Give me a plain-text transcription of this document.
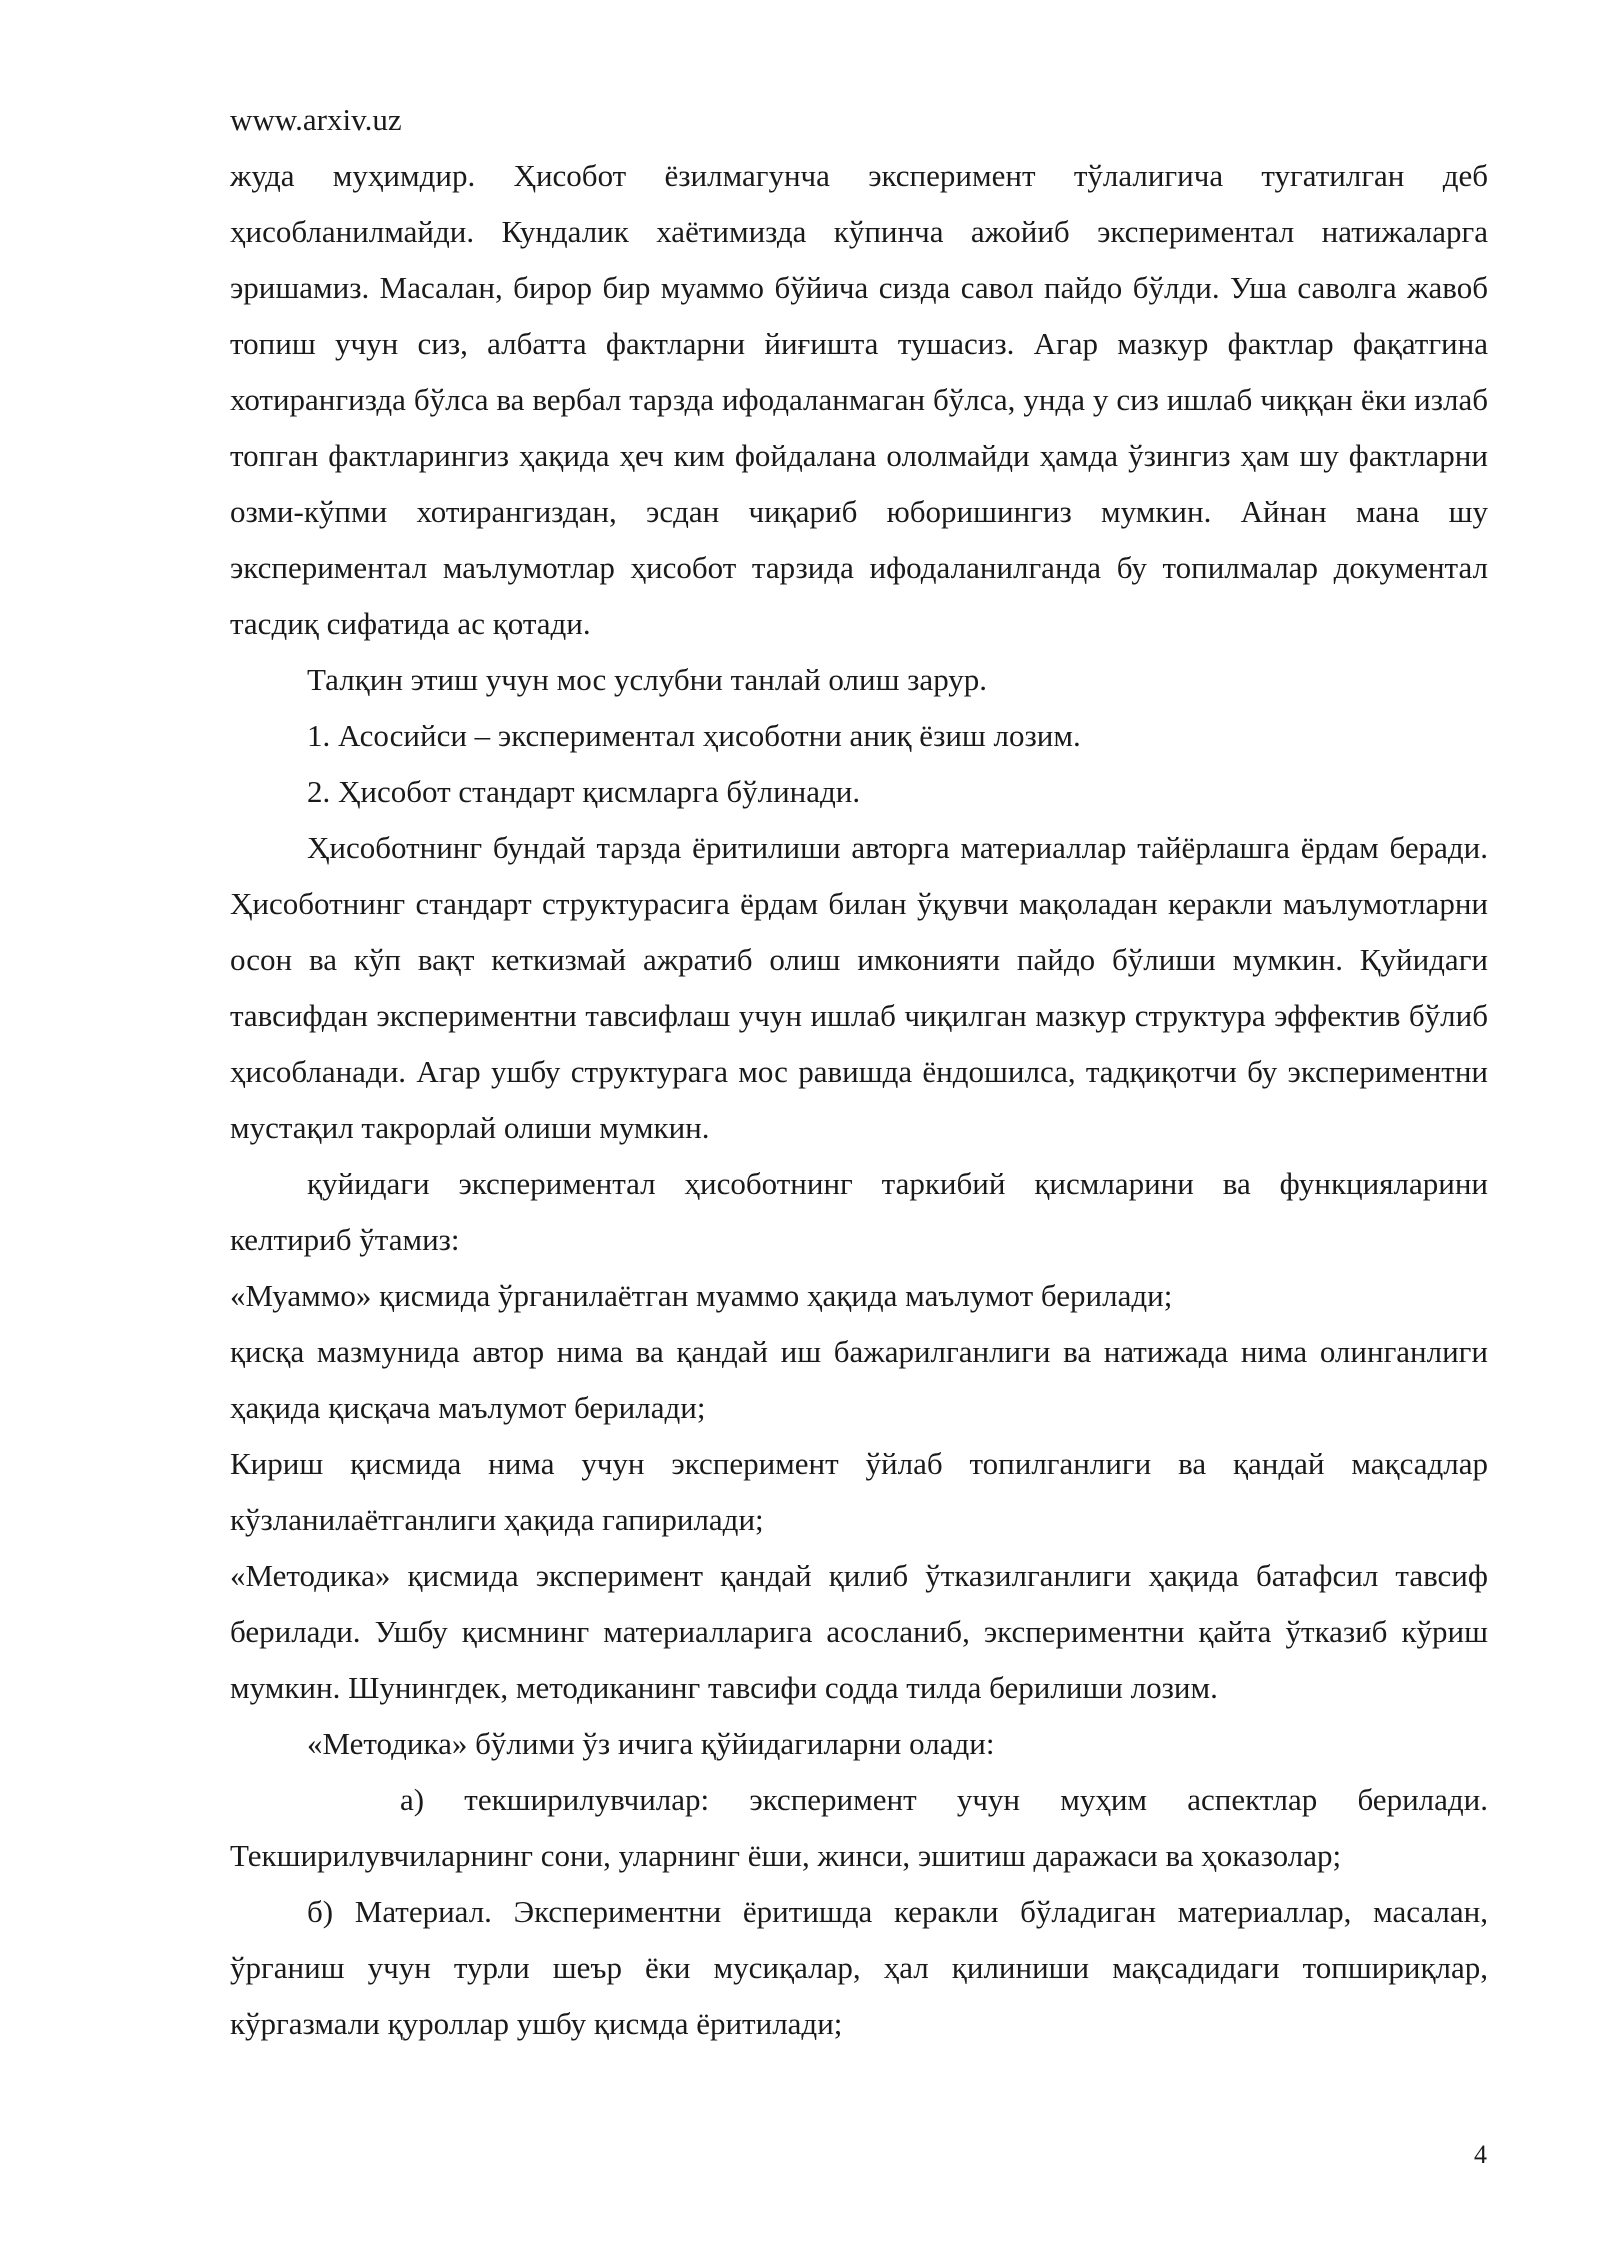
www.arxiv.uz

жуда муҳимдир. Ҳисобот ёзилмагунча эксперимент тўлалигича тугатилган деб ҳисобланилмайди. Кундалик хаётимизда кўпинча ажойиб экспериментал натижаларга эришамиз. Масалан, бирор бир муаммо бўйича сизда савол пайдо бўлди. Уша саволга жавоб топиш учун сиз, албатта фактларни йиғишта тушасиз. Агар мазкур фактлар фақатгина хотирангизда бўлса ва вербал тарзда ифодаланмаган бўлса, унда у сиз ишлаб чиққан ёки излаб топган фактларингиз ҳақида ҳеч ким фойдалана ололмайди ҳамда ўзингиз ҳам шу фактларни озми-кўпми хотирангиздан, эсдан чиқариб юборишингиз мумкин. Айнан мана шу экспериментал маълумотлар ҳисобот тарзида ифодаланилганда бу топилмалар документал тасдиқ сифатида ас қотади.

Талқин этиш учун мос услубни танлай олиш зарур.

1. Асосийси – экспериментал ҳисоботни аниқ ёзиш лозим.

2. Ҳисобот стандарт қисмларга бўлинади.

Ҳисоботнинг бундай тарзда ёритилиши авторга материаллар тайёрлашга ёрдам беради. Ҳисоботнинг стандарт структурасига ёрдам билан ўқувчи мақоладан керакли маълумотларни осон ва кўп вақт кеткизмай ажратиб олиш имконияти пайдо бўлиши мумкин. Қуйидаги тавсифдан экспериментни тавсифлаш учун ишлаб чиқилган мазкур структура эффектив бўлиб ҳисобланади. Агар ушбу структурага мос равишда ёндошилса, тадқиқотчи бу экспериментни мустақил такрорлай олиши мумкин.

қуйидаги экспериментал ҳисоботнинг таркибий қисмларини ва функцияларини келтириб ўтамиз:

«Муаммо» қисмида ўрганилаётган муаммо ҳақида маълумот берилади;

қисқа мазмунида автор нима ва қандай иш бажарилганлиги ва натижада нима олинганлиги ҳақида қисқача маълумот берилади;

Кириш қисмида нима учун эксперимент ўйлаб топилганлиги ва қандай мақсадлар кўзланилаётганлиги ҳақида гапирилади;

«Методика» қисмида эксперимент қандай қилиб ўтказилганлиги ҳақида батафсил тавсиф берилади. Ушбу қисмнинг материалларига асосланиб, экспериментни қайта ўтказиб кўриш мумкин. Шунингдек, методиканинг тавсифи содда тилда берилиши лозим.

«Методика» бўлими ўз ичига қўйидагиларни олади:

а) текширилувчилар: эксперимент учун муҳим аспектлар берилади. Текширилувчиларнинг сони, уларнинг ёши, жинси, эшитиш даражаси ва ҳоказолар;

б) Материал. Экспериментни ёритишда керакли бўладиган материаллар, масалан, ўрганиш учун турли шеър ёки мусиқалар, ҳал қилиниши мақсадидаги топшириқлар, кўргазмали қуроллар ушбу қисмда ёритилади;

4
